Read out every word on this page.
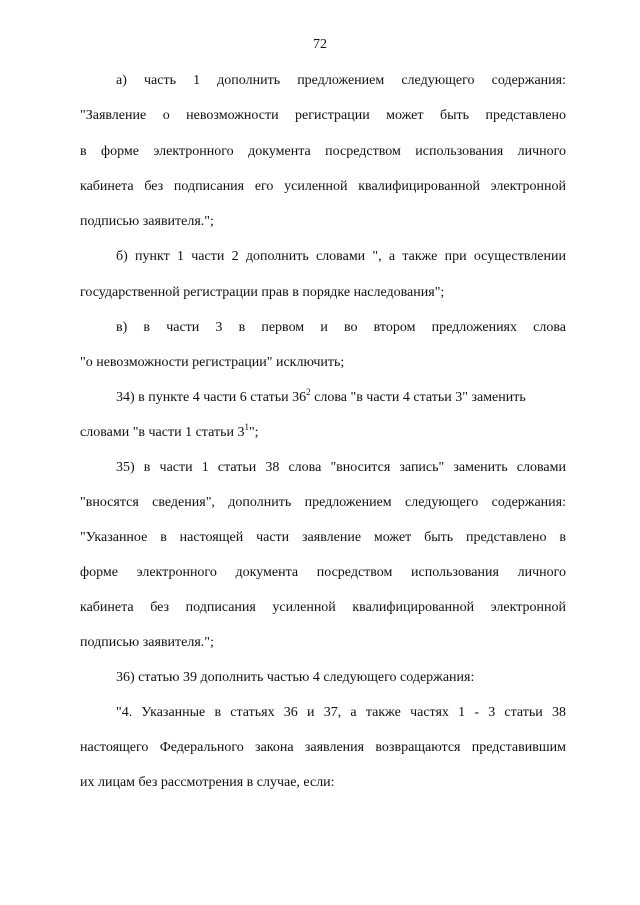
72
а) часть 1 дополнить предложением следующего содержания:
"Заявление о невозможности регистрации может быть представлено
в форме электронного документа посредством использования личного
кабинета без подписания его усиленной квалифицированной электронной
подписью заявителя.";
б) пункт 1 части 2 дополнить словами ", а также при осуществлении
государственной регистрации прав в порядке наследования";
в) в части 3 в первом и во втором предложениях слова
"о невозможности регистрации" исключить;
34) в пункте 4 части 6 статьи $36^2$ слова "в части 4 статьи 3" заменить
словами "в части 1 статьи $3^1$";
35) в части 1 статьи 38 слова "вносится запись" заменить словами
"вносятся сведения", дополнить предложением следующего содержания:
"Указанное в настоящей части заявление может быть представлено в
форме электронного документа посредством использования личного
кабинета без подписания усиленной квалифицированной электронной
подписью заявителя.";
36) статью 39 дополнить частью 4 следующего содержания:
"4. Указанные в статьях 36 и 37, а также частях 1 - 3 статьи 38
настоящего Федерального закона заявления возвращаются представившим
их лицам без рассмотрения в случае, если:
